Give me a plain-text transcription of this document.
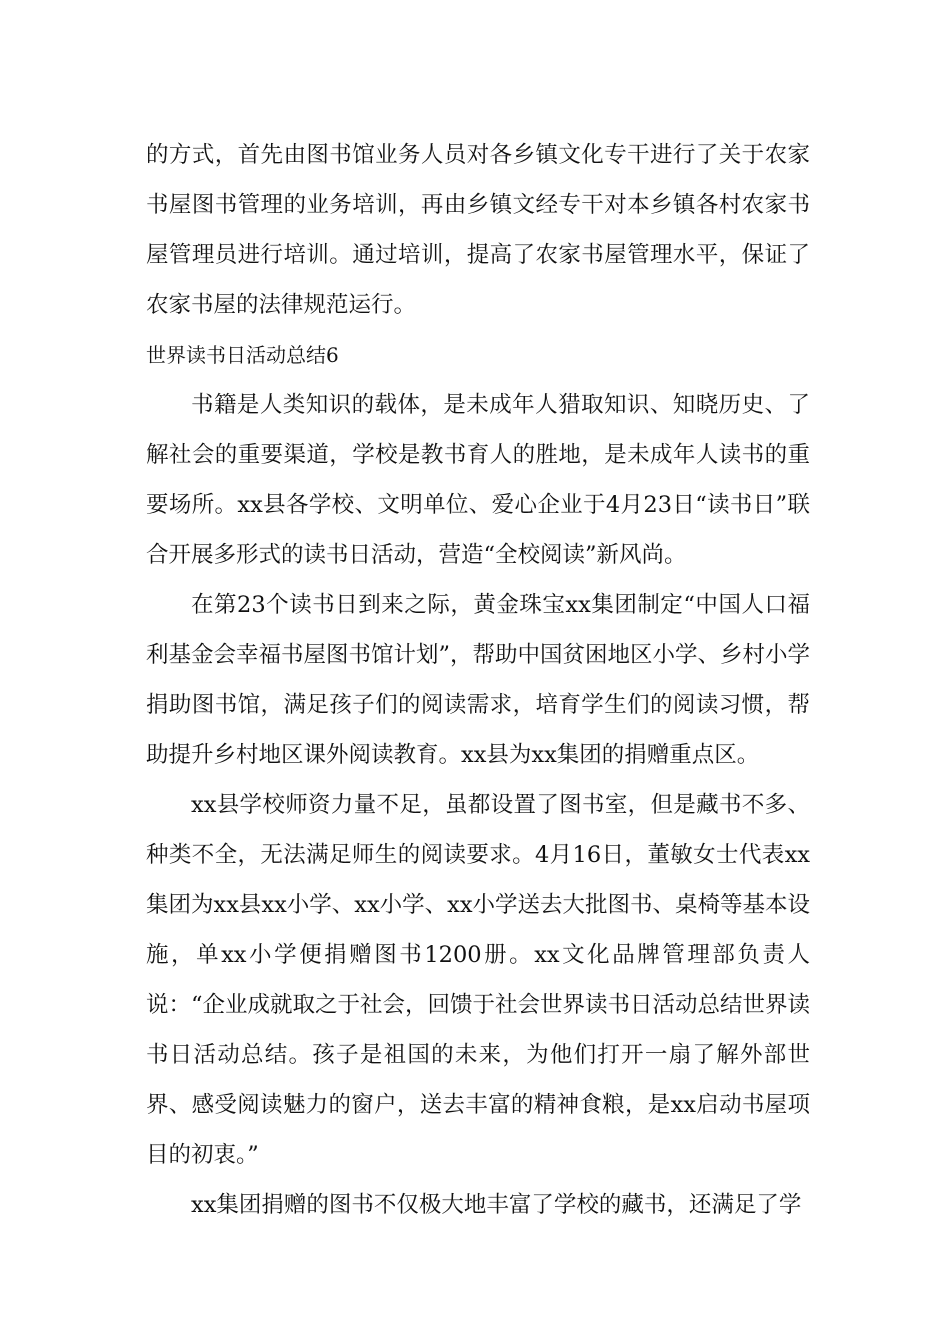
的方式，首先由图书馆业务人员对各乡镇文化专干进行了关于农家书屋图书管理的业务培训，再由乡镇文经专干对本乡镇各村农家书屋管理员进行培训。通过培训，提高了农家书屋管理水平，保证了农家书屋的法律规范运行。

世界读书日活动总结6

书籍是人类知识的载体，是未成年人猎取知识、知晓历史、了解社会的重要渠道，学校是教书育人的胜地，是未成年人读书的重要场所。xx县各学校、文明单位、爱心企业于4月23日“读书日”联合开展多形式的读书日活动，营造“全校阅读”新风尚。

在第23个读书日到来之际，黄金珠宝xx集团制定“中国人口福利基金会幸福书屋图书馆计划”，帮助中国贫困地区小学、乡村小学捐助图书馆，满足孩子们的阅读需求，培育学生们的阅读习惯，帮助提升乡村地区课外阅读教育。xx县为xx集团的捐赠重点区。

xx县学校师资力量不足，虽都设置了图书室，但是藏书不多、种类不全，无法满足师生的阅读要求。4月16日，董敏女士代表xx集团为xx县xx小学、xx小学、xx小学送去大批图书、桌椅等基本设施，单xx小学便捐赠图书1200册。xx文化品牌管理部负责人说：“企业成就取之于社会，回馈于社会世界读书日活动总结世界读书日活动总结。孩子是祖国的未来，为他们打开一扇了解外部世界、感受阅读魅力的窗户，送去丰富的精神食粮，是xx启动书屋项目的初衷。”

xx集团捐赠的图书不仅极大地丰富了学校的藏书，还满足了学
